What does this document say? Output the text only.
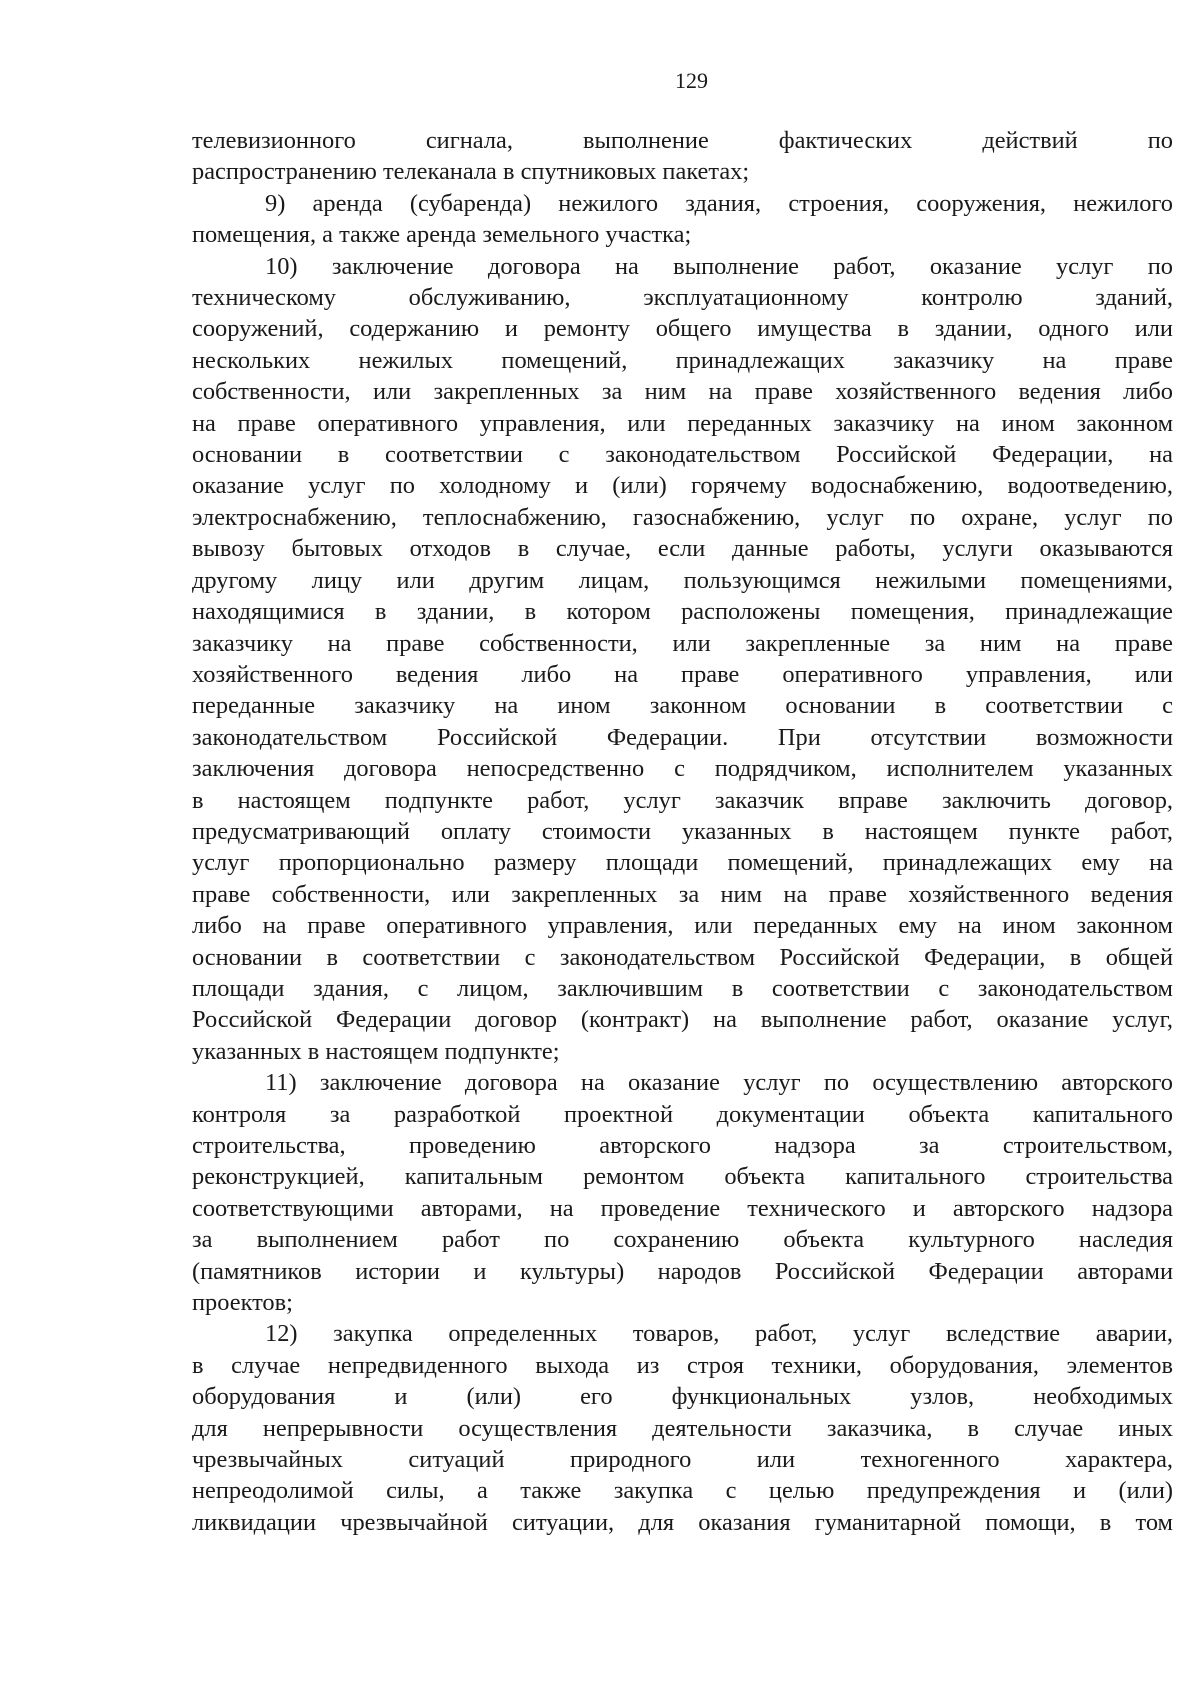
129
телевизионного сигнала, выполнение фактических действий по
распространению телеканала в спутниковых пакетах;
9) аренда (субаренда) нежилого здания, строения, сооружения, нежилого
помещения, а также аренда земельного участка;
10) заключение договора на выполнение работ, оказание услуг по
техническому обслуживанию, эксплуатационному контролю зданий,
сооружений, содержанию и ремонту общего имущества в здании, одного или
нескольких нежилых помещений, принадлежащих заказчику на праве
собственности, или закрепленных за ним на праве хозяйственного ведения либо
на праве оперативного управления, или переданных заказчику на ином законном
основании в соответствии с законодательством Российской Федерации, на
оказание услуг по холодному и (или) горячему водоснабжению, водоотведению,
электроснабжению, теплоснабжению, газоснабжению, услуг по охране, услуг по
вывозу бытовых отходов в случае, если данные работы, услуги оказываются
другому лицу или другим лицам, пользующимся нежилыми помещениями,
находящимися в здании, в котором расположены помещения, принадлежащие
заказчику на праве собственности, или закрепленные за ним на праве
хозяйственного ведения либо на праве оперативного управления, или
переданные заказчику на ином законном основании в соответствии с
законодательством Российской Федерации. При отсутствии возможности
заключения договора непосредственно с подрядчиком, исполнителем указанных
в настоящем подпункте работ, услуг заказчик вправе заключить договор,
предусматривающий оплату стоимости указанных в настоящем пункте работ,
услуг пропорционально размеру площади помещений, принадлежащих ему на
праве собственности, или закрепленных за ним на праве хозяйственного ведения
либо на праве оперативного управления, или переданных ему на ином законном
основании в соответствии с законодательством Российской Федерации, в общей
площади здания, с лицом, заключившим в соответствии с законодательством
Российской Федерации договор (контракт) на выполнение работ, оказание услуг,
указанных в настоящем подпункте;
11) заключение договора на оказание услуг по осуществлению авторского
контроля за разработкой проектной документации объекта капитального
строительства, проведению авторского надзора за строительством,
реконструкцией, капитальным ремонтом объекта капитального строительства
соответствующими авторами, на проведение технического и авторского надзора
за выполнением работ по сохранению объекта культурного наследия
(памятников истории и культуры) народов Российской Федерации авторами
проектов;
12) закупка определенных товаров, работ, услуг вследствие аварии,
в случае непредвиденного выхода из строя техники, оборудования, элементов
оборудования и (или) его функциональных узлов, необходимых
для непрерывности осуществления деятельности заказчика, в случае иных
чрезвычайных ситуаций природного или техногенного характера,
непреодолимой силы, а также закупка с целью предупреждения и (или)
ликвидации чрезвычайной ситуации, для оказания гуманитарной помощи, в том
